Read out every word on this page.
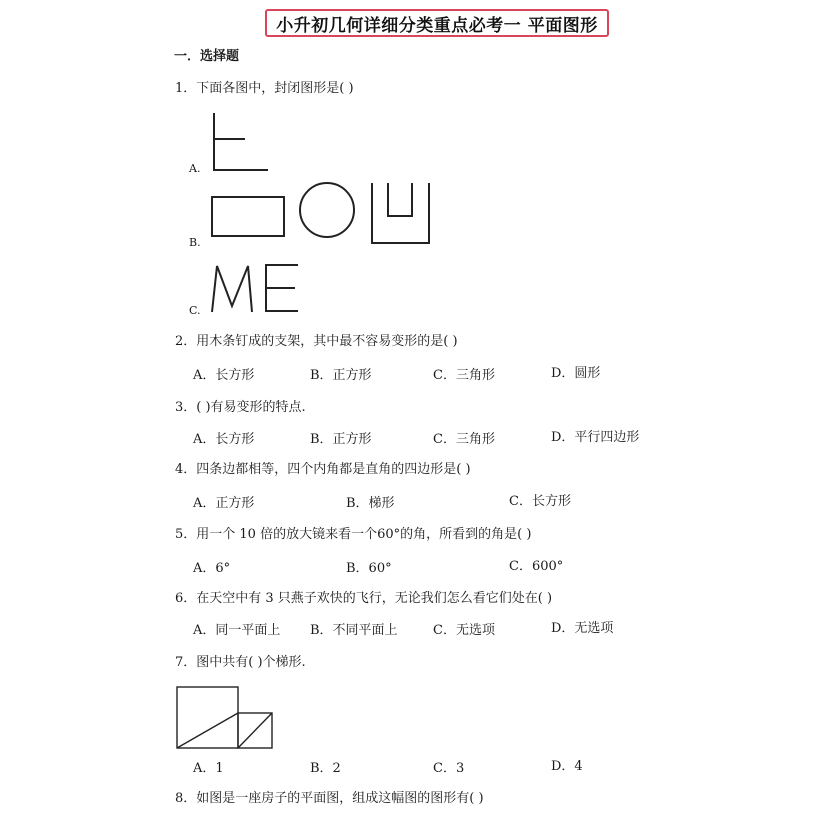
小升初几何详细分类重点必考一 平面图形
一．选择题
1．下面各图中，封闭图形是( )
A.
B.
C.
2．用木条钉成的支架，其中最不容易变形的是( )
A．长方形	B．正方形	C．三角形	D．圆形
3．( )有易变形的特点.
A．长方形	B．正方形	C．三角形	D．平行四边形
4．四条边都相等，四个内角都是直角的四边形是( )
A．正方形	B．梯形	C．长方形
5．用一个 10 倍的放大镜来看一个60°的角，所看到的角是( )
A．6°	B．60°	C．600°
6．在天空中有 3 只燕子欢快的飞行，无论我们怎么看它们处在( )
A．同一平面上 B．不同平面上	C．无选项	D．无选项
7．图中共有( )个梯形.
A．1	B．2	C．3	D．4
8．如图是一座房子的平面图，组成这幅图的图形有( )
